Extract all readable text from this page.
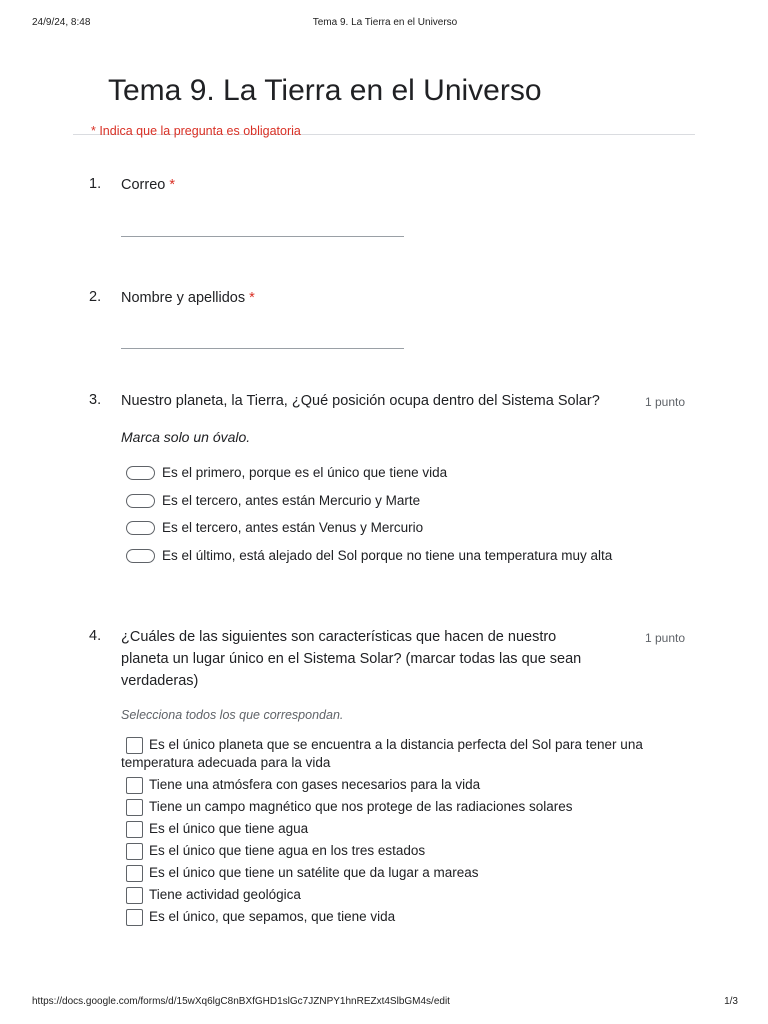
24/9/24, 8:48	Tema 9. La Tierra en el Universo
Tema 9. La Tierra en el Universo
* Indica que la pregunta es obligatoria
1. Correo *
2. Nombre y apellidos *
3. Nuestro planeta, la Tierra, ¿Qué posición ocupa dentro del Sistema Solar?	1 punto
Marca solo un óvalo.
Es el primero, porque es el único que tiene vida
Es el tercero, antes están Mercurio y Marte
Es el tercero, antes están Venus y Mercurio
Es el último, está alejado del Sol porque no tiene una temperatura muy alta
4. ¿Cuáles de las siguientes son características que hacen de nuestro
planeta un lugar único en el Sistema Solar? (marcar todas las que sean
verdaderas)
1 punto
Selecciona todos los que correspondan.
Es el único planeta que se encuentra a la distancia perfecta del Sol para tener una
temperatura adecuada para la vida
Tiene una atmósfera con gases necesarios para la vida
Tiene un campo magnético que nos protege de las radiaciones solares
Es el único que tiene agua
Es el único que tiene agua en los tres estados
Es el único que tiene un satélite que da lugar a mareas
Tiene actividad geológica
Es el único, que sepamos, que tiene vida
https://docs.google.com/forms/d/15wXq6lgC8nBXfGHD1slGc7JZNPY1hnREZxt4SlbGM4s/edit	1/3
